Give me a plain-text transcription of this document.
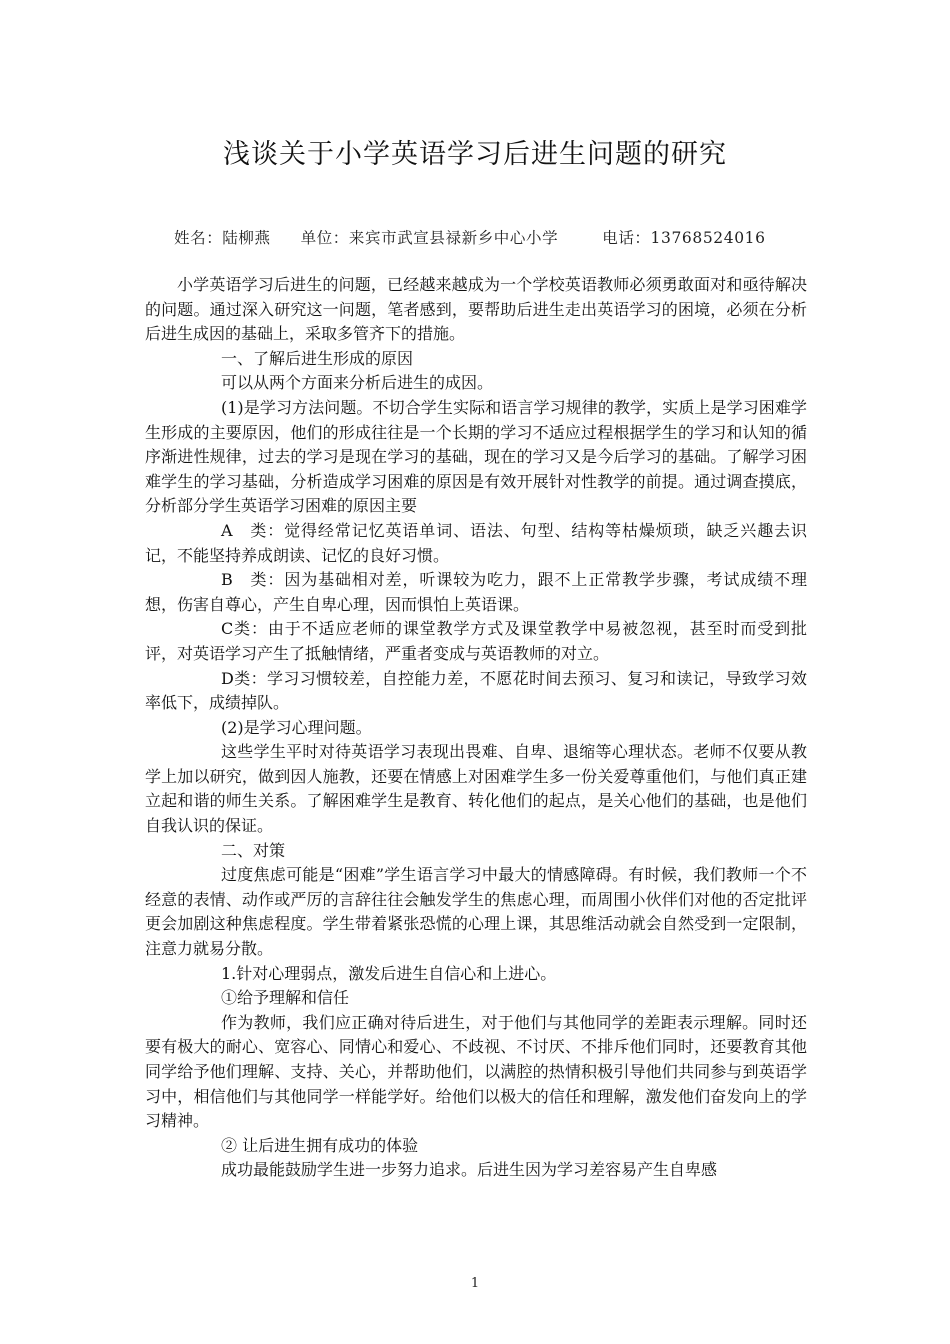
浅谈关于小学英语学习后进生问题的研究
姓名：陆柳燕 单位：来宾市武宣县禄新乡中心小学	电话：13768524016

小学英语学习后进生的问题，已经越来越成为一个学校英语教师必须勇敢面对和亟待解决的问题。通过深入研究这一问题，笔者感到，要帮助后进生走出英语学习的困境，必须在分析后进生成因的基础上，采取多管齐下的措施。

一、了解后进生形成的原因

可以从两个方面来分析后进生的成因。

(1)是学习方法问题。不切合学生实际和语言学习规律的教学，实质上是学习困难学生形成的主要原因，他们的形成往往是一个长期的学习不适应过程根据学生的学习和认知的循序渐进性规律，过去的学习是现在学习的基础，现在的学习又是今后学习的基础。了解学习困难学生的学习基础，分析造成学习困难的原因是有效开展针对性教学的前提。通过调查摸底，分析部分学生英语学习困难的原因主要

A　类：觉得经常记忆英语单词、语法、句型、结构等枯燥烦琐，缺乏兴趣去识记，不能坚持养成朗读、记忆的良好习惯。

B　类：因为基础相对差，听课较为吃力，跟不上正常教学步骤，考试成绩不理想，伤害自尊心，产生自卑心理，因而惧怕上英语课。

C类：由于不适应老师的课堂教学方式及课堂教学中易被忽视，甚至时而受到批评，对英语学习产生了抵触情绪，严重者变成与英语教师的对立。

D类：学习习惯较差，自控能力差，不愿花时间去预习、复习和读记，导致学习效率低下，成绩掉队。

(2)是学习心理问题。

这些学生平时对待英语学习表现出畏难、自卑、退缩等心理状态。老师不仅要从教学上加以研究，做到因人施教，还要在情感上对困难学生多一份关爱尊重他们，与他们真正建立起和谐的师生关系。了解困难学生是教育、转化他们的起点，是关心他们的基础，也是他们自我认识的保证。

二、对策

过度焦虑可能是“困难”学生语言学习中最大的情感障碍。有时候，我们教师一个不经意的表情、动作或严厉的言辞往往会触发学生的焦虑心理，而周围小伙伴们对他的否定批评更会加剧这种焦虑程度。学生带着紧张恐慌的心理上课，其思维活动就会自然受到一定限制，注意力就易分散。

1.针对心理弱点，激发后进生自信心和上进心。

①给予理解和信任

作为教师，我们应正确对待后进生，对于他们与其他同学的差距表示理解。同时还要有极大的耐心、宽容心、同情心和爱心、不歧视、不讨厌、不排斥他们同时，还要教育其他同学给予他们理解、支持、关心，并帮助他们，以满腔的热情积极引导他们共同参与到英语学习中，相信他们与其他同学一样能学好。给他们以极大的信任和理解，激发他们奋发向上的学习精神。

② 让后进生拥有成功的体验

成功最能鼓励学生进一步努力追求。后进生因为学习差容易产生自卑感

1
